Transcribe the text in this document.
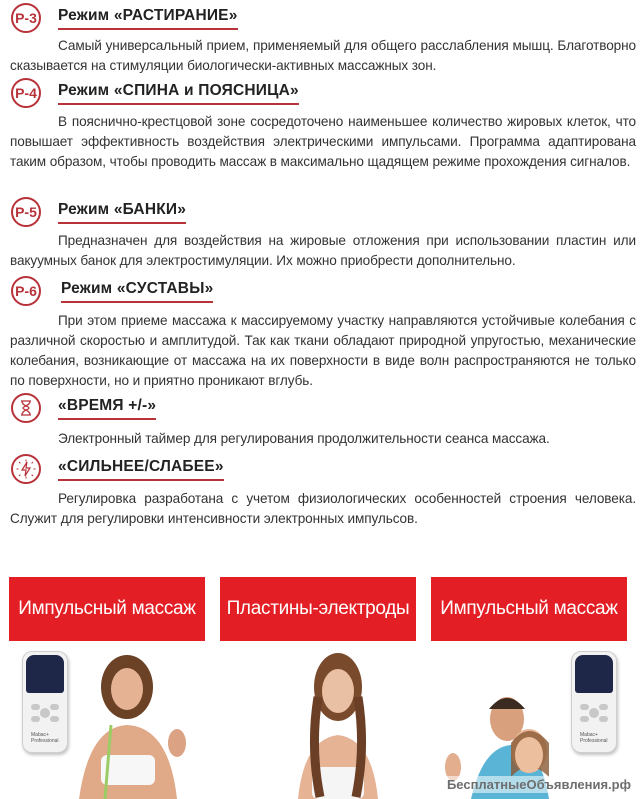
P-3 Режим «РАСТИРАНИЕ»
Самый универсальный прием, применяемый для общего расслабления мышц. Благотворно сказывается на стимуляции биологически-активных массажных зон.
P-4 Режим «СПИНА и ПОЯСНИЦА»
В пояснично-крестцовой зоне сосредоточено наименьшее количество жировых клеток, что повышает эффективность воздействия электрическими импульсами. Программа адаптирована таким образом, чтобы проводить массаж в максимально щадящем режиме прохождения сигналов.
P-5 Режим «БАНКИ»
Предназначен для воздействия на жировые отложения при использовании пластин или вакуумных банок для электростимуляции. Их можно приобрести дополнительно.
P-6 Режим «СУСТАВЫ»
При этом приеме массажа к массируемому участку направляются устойчивые колебания с различной скоростью и амплитудой. Так как ткани обладают природной упругостью, механические колебания, возникающие от массажа на их поверхности в виде волн распространяются не только по поверхности, но и приятно проникают вглубь.
«ВРЕМЯ +/-»
Электронный таймер для регулирования продолжительности сеанса массажа.
«СИЛЬНЕЕ/СЛАБЕЕ»
Регулировка разработана с учетом физиологических особенностей строения человека. Служит для регулировки интенсивности электронных импульсов.
Импульсный массаж
Mabac+ Professional
Пластины-электроды	Импульсный массаж
Mabac+ Professional
БесплатныеОбъявления.рф
